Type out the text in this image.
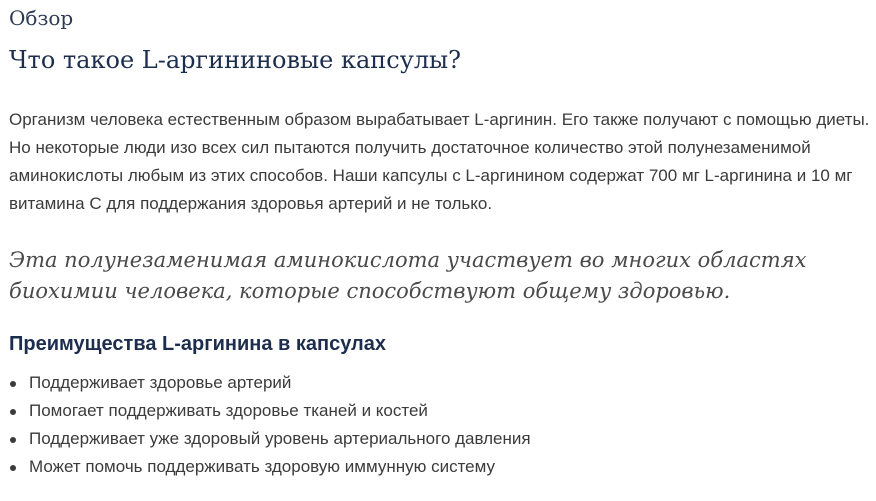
Обзор
Что такое L-аргининовые капсулы?

Организм человека естественным образом вырабатывает L-аргинин. Его также получают с помощью диеты. Но некоторые люди изо всех сил пытаются получить достаточное количество этой полунезаменимой аминокислоты любым из этих способов. Наши капсулы с L-аргинином содержат 700 мг L-аргинина и 10 мг витамина C для поддержания здоровья артерий и не только.

Эта полунезаменимая аминокислота участвует во многих областях биохимии человека, которые способствуют общему здоровью.

Преимущества L-аргинина в капсулах
Поддерживает здоровье артерий
Помогает поддерживать здоровье тканей и костей
Поддерживает уже здоровый уровень артериального давления
Может помочь поддерживать здоровую иммунную систему
